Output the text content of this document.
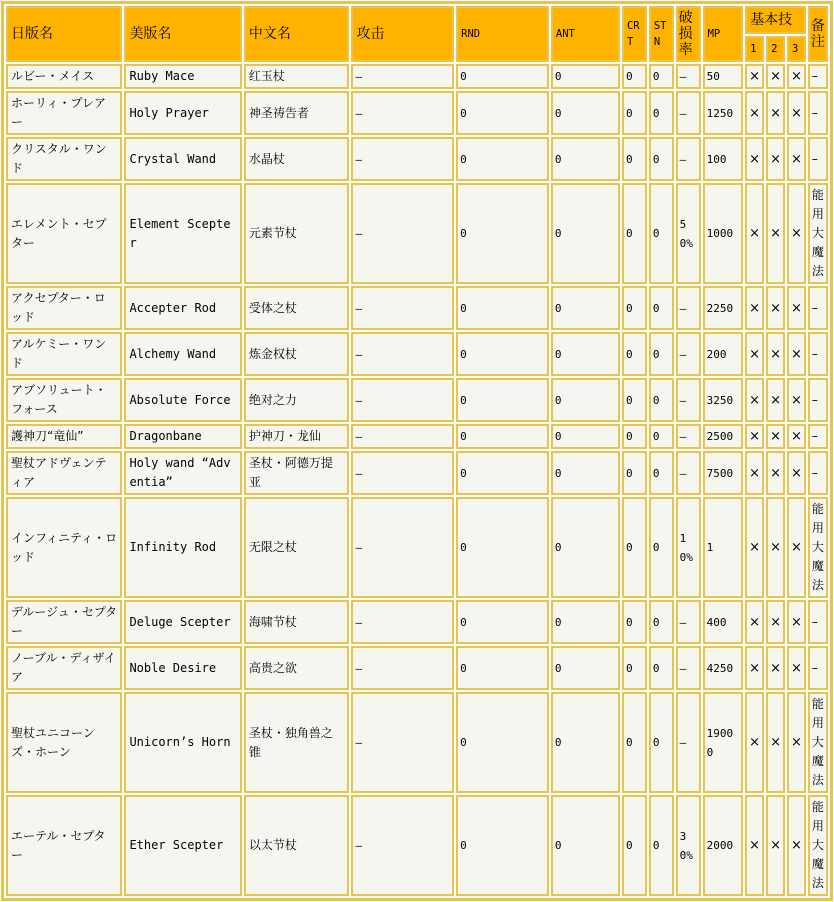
日版名	美版名	中文名	攻击	RND	ANT	CRT	STN	破损率	MP	基本技			备注
										1	2	3	
ルビー・メイス	Ruby Mace	红玉杖	–	0	0	0	0	–	50	×	×	×	–
ホーリィ・プレアー	Holy Prayer	神圣祷告者	–	0	0	0	0	–	1250	×	×	×	–
クリスタル・ワンド	Crystal Wand	水晶杖	–	0	0	0	0	–	100	×	×	×	–
エレメント・セプター	Element Scepter	元素节杖	–	0	0	0	0	50%	1000	×	×	×	能用大魔法
アクセプター・ロッド	Accepter Rod	受体之杖	–	0	0	0	0	–	2250	×	×	×	–
アルケミー・ワンド	Alchemy Wand	炼金权杖	–	0	0	0	0	–	200	×	×	×	–
アブソリュート・フォース	Absolute Force	绝对之力	–	0	0	0	0	–	3250	×	×	×	–
護神刀“竜仙”	Dragonbane	护神刀・龙仙	–	0	0	0	0	–	2500	×	×	×	–
聖杖アドヴェンティア	Holy wand “Adventia”	圣杖・阿德万提亚	–	0	0	0	0	–	7500	×	×	×	–
インフィニティ・ロッド	Infinity Rod	无限之杖	–	0	0	0	0	10%	1	×	×	×	能用大魔法
デルージュ・セプター	Deluge Scepter	海啸节杖	–	0	0	0	0	–	400	×	×	×	–
ノーブル・ディザイア	Noble Desire	高贵之欲	–	0	0	0	0	–	4250	×	×	×	–
聖杖ユニコーンズ・ホーン	Unicorn’s Horn	圣杖・独角兽之锥	–	0	0	0	0	–	19000	×	×	×	能用大魔法
エーテル・セプター	Ether Scepter	以太节杖	–	0	0	0	0	30%	2000	×	×	×	能用大魔法
